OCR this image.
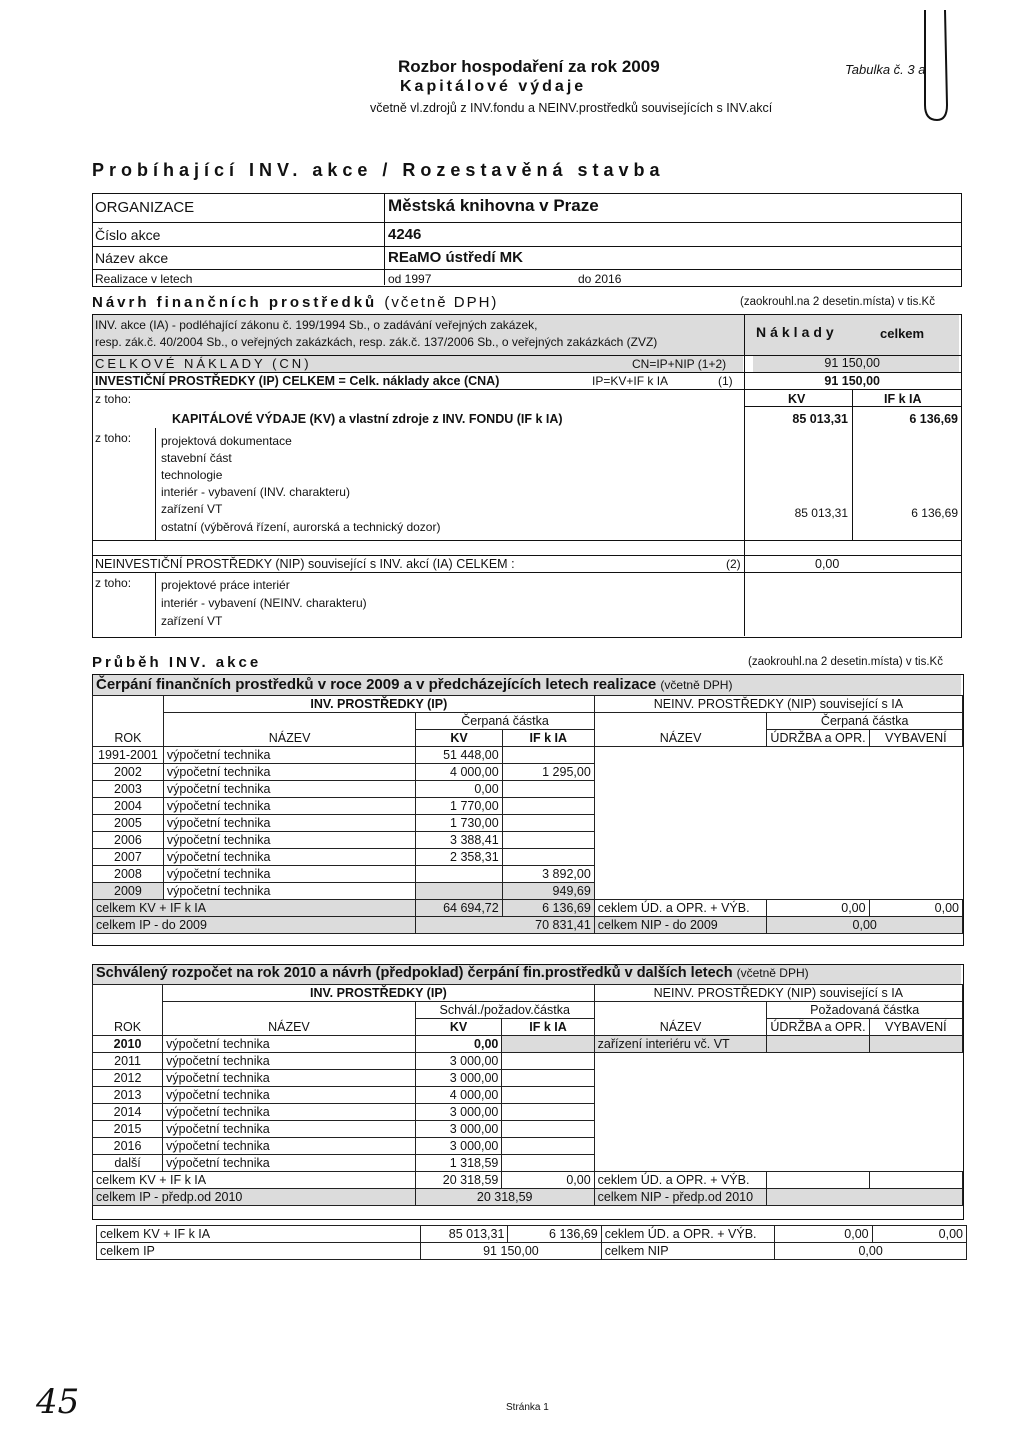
Rozbor hospodaření za rok 2009
Kapitálové výdaje
včetně vl.zdrojů z INV.fondu a NEINV.prostředků souvisejících s INV.akcí
Tabulka č. 3 a
Probíhající INV. akce / Rozestavěná stavba
ORGANIZACE	Městská knihovna v Praze
Číslo akce	4246
Název akce	REaMO ústředí MK
Realizace v letech	od 1997	do 2016
Návrh finančních prostředků (včetně DPH)	(zaokrouhl.na 2 desetin.místa) v tis.Kč
INV. akce (IA) - podléhající zákonu č. 199/1994 Sb., o zadávání veřejných zakázek,
resp. zák.č. 40/2004 Sb., o veřejných zakázkách, resp. zák.č. 137/2006 Sb., o veřejných zakázkách (ZVZ)
Náklady	celkem
CELKOVÉ NÁKLADY (CN)	CN=IP+NIP (1+2)	91 150,00
INVESTIČNÍ PROSTŘEDKY (IP) CELKEM = Celk. náklady akce (CNA)	IP=KV+IF k IA	(1)	91 150,00
z toho:	KV	IF k IA
KAPITÁLOVÉ VÝDAJE (KV) a vlastní zdroje z INV. FONDU (IF k IA)	85 013,31	6 136,69
z toho: projektová dokumentace
stavební část
technologie
interiér - vybavení (INV. charakteru)
zařízení VT
ostatní (výběrová řízení, aurorská a technický dozor)
85 013,31	6 136,69
NEINVESTIČNÍ PROSTŘEDKY (NIP) související s INV. akcí (IA) CELKEM :	(2)	0,00
z toho: projektové práce interiér
interiér - vybavení (NEINV. charakteru)
zařízení VT
Průběh INV. akce	(zaokrouhl.na 2 desetin.místa) v tis.Kč
Čerpání finančních prostředků v roce 2009 a v předcházejících letech realizace (včetně DPH)
	INV. PROSTŘEDKY (IP)			NEINV. PROSTŘEDKY (NIP) související s IA		
		Čerpaná částka			Čerpaná částka	
ROK	NÁZEV	KV	IF k IA	NÁZEV	ÚDRŽBA a OPR.	VYBAVENÍ
1991-2001	výpočetní technika	51 448,00				
2002	výpočetní technika	4 000,00	1 295,00			
2003	výpočetní technika	0,00				
2004	výpočetní technika	1 770,00				
2005	výpočetní technika	1 730,00				
2006	výpočetní technika	3 388,41				
2007	výpočetní technika	2 358,31				
2008	výpočetní technika		3 892,00			
2009	výpočetní technika		949,69			
celkem KV + IF k IA		64 694,72	6 136,69	ceklem ÚD. a OPR. + VÝB.	0,00	0,00
celkem IP - do 2009		70 831,41		celkem NIP - do 2009	0,00	
Schválený rozpočet na rok 2010 a návrh (předpoklad) čerpání fin.prostředků v dalších letech (včetně DPH)
	INV. PROSTŘEDKY (IP)			NEINV. PROSTŘEDKY (NIP) související s IA		
		Schvál./požadov.částka			Požadovaná částka	
ROK	NÁZEV	KV	IF k IA	NÁZEV	ÚDRŽBA a OPR.	VYBAVENÍ
2010	výpočetní technika	0,00		zařízení interiéru vč. VT		
2011	výpočetní technika	3 000,00				
2012	výpočetní technika	3 000,00				
2013	výpočetní technika	4 000,00				
2014	výpočetní technika	3 000,00				
2015	výpočetní technika	3 000,00				
2016	výpočetní technika	3 000,00				
další	výpočetní technika	1 318,59				
celkem KV + IF k IA		20 318,59	0,00	ceklem ÚD. a OPR. + VÝB.		
celkem IP - předp.od 2010		20 318,59		celkem NIP - předp.od 2010		
celkem KV + IF k IA	85 013,31	6 136,69	ceklem ÚD. a OPR. + VÝB.	0,00	0,00
celkem IP	91 150,00		celkem NIP	0,00	
Stránka 1
45
